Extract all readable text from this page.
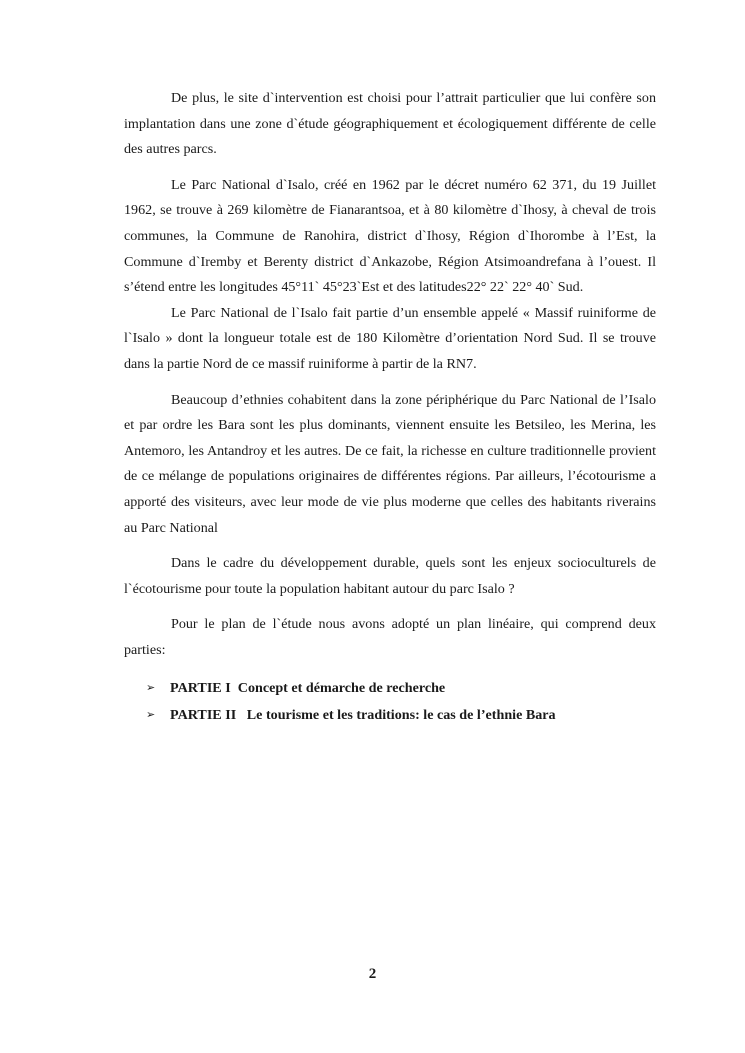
De plus, le site d`intervention est choisi pour l’attrait particulier que lui confère son implantation dans une zone d`étude géographiquement et écologiquement différente de celle des autres parcs.

Le Parc National d`Isalo, créé en 1962 par le décret numéro 62 371, du 19 Juillet 1962, se trouve à 269 kilomètre de Fianarantsoa, et à 80 kilomètre d`Ihosy, à cheval de trois communes, la Commune de Ranohira, district d`Ihosy, Région d`Ihorombe à l’Est, la Commune d`Iremby et Berenty district d`Ankazobe, Région Atsimoandrefana à l’ouest. Il s’étend entre les longitudes 45°11` 45°23`Est et des latitudes22° 22` 22° 40` Sud.

Le Parc National de l`Isalo fait partie d’un ensemble appelé « Massif ruiniforme de l`Isalo » dont la longueur totale est de 180 Kilomètre d’orientation Nord Sud. Il se trouve dans la partie Nord de ce massif ruiniforme à partir de la RN7.

Beaucoup d’ethnies cohabitent dans la zone périphérique du Parc National de l’Isalo et par ordre les Bara sont les plus dominants, viennent ensuite les Betsileo, les Merina, les Antemoro, les Antandroy et les autres. De ce fait, la richesse en culture traditionnelle provient de ce mélange de populations originaires de différentes régions. Par ailleurs, l’écotourisme a apporté des visiteurs, avec leur mode de vie plus moderne que celles des habitants riverains au Parc National

Dans le cadre du développement durable, quels sont les enjeux socioculturels de l`écotourisme pour toute la population habitant autour du parc Isalo ?

Pour le plan de l`étude nous avons adopté un plan linéaire, qui comprend deux parties:

➢	PARTIE I  Concept et démarche de recherche
➢	PARTIE II   Le tourisme et les traditions: le cas de l’ethnie Bara
2
